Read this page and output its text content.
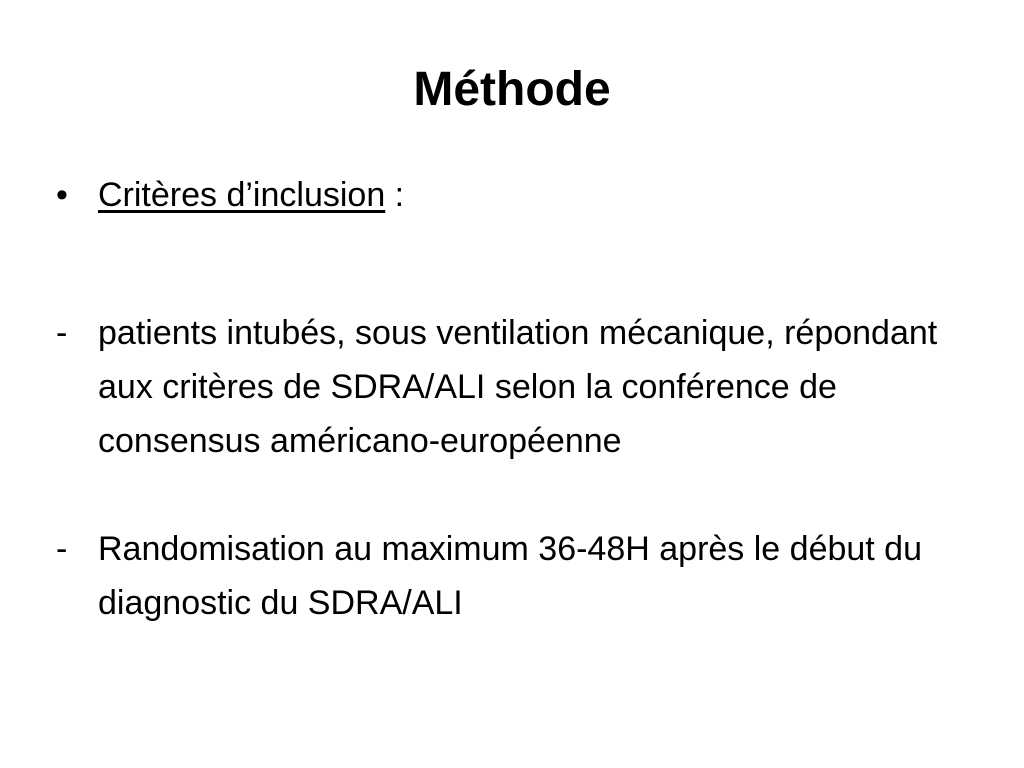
Méthode
• Critères d’inclusion :
- patients intubés, sous ventilation mécanique, répondant aux critères de SDRA/ALI selon la conférence de consensus américano-européenne
- Randomisation au maximum 36-48H après le début du diagnostic du SDRA/ALI
